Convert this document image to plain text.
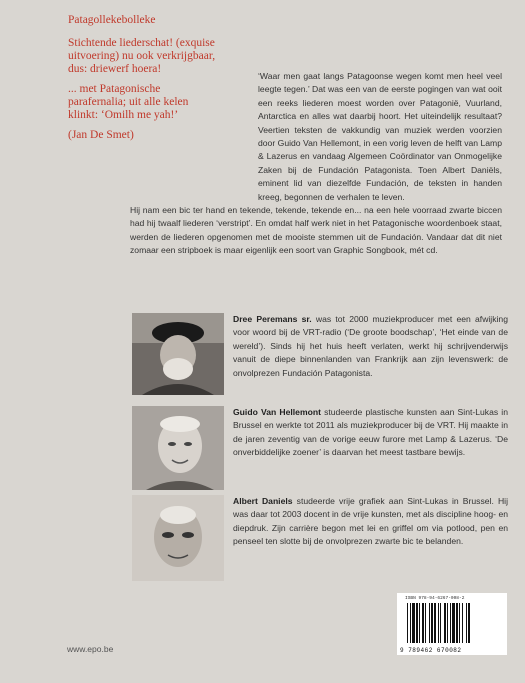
Patagollekebolleke

Stichtende liederschat! (exquise uitvoering) nu ook verkrijgbaar, dus: driewerf hoera!

... met Patagonische parafernalia; uit alle kelen klinkt: ‘Omilh me yah!’

(Jan De Smet)

‘Waar men gaat langs Patagoonse wegen komt men heel veel leegte tegen.’ Dat was een van de eerste pogingen van wat ooit een reeks liederen moest worden over Patagonië, Vuurland, Antarctica en alles wat daarbij hoort. Het uiteindelijk resultaat? Veertien teksten de vakkundig van muziek werden voorzien door Guido Van Hellemont, in een vorig leven de helft van Lamp & Lazerus en vandaag Algemeen Coördinator van Onmogelijke Zaken bij de Fundación Patagonista. Toen Albert Daniëls, eminent lid van diezelfde Fundación, de teksten in handen kreeg, begonnen de verhalen te leven.

Hij nam een bic ter hand en tekende, tekende, tekende en... na een hele voorraad zwarte biccen had hij twaalf liederen ‘verstript’. En omdat half werk niet in het Patagonische woordenboek staat, werden de liederen opgenomen met de mooiste stemmen uit de Fundación. Vandaar dat dit niet zomaar een stripboek is maar eigenlijk een soort van Graphic Songbook, mét cd.

Dree Peremans sr. was tot 2000 muziekproducer met een afwijking voor woord bij de VRT-radio (‘De groote boodschap’, ‘Het einde van de wereld’). Sinds hij het huis heeft verlaten, werkt hij schrijvenderwijs vanuit de diepe binnenlanden van Frankrijk aan zijn levenswerk: de onvolprezen Fundación Patagonista.
Guido Van Hellemont studeerde plastische kunsten aan Sint-Lukas in Brussel en werkte tot 2011 als muziekproducer bij de VRT. Hij maakte in de jaren zeventig van de vorige eeuw furore met Lamp & Lazerus. ‘De onverbiddelijke zoener’ is daarvan het meest tastbare bewijs.
Albert Daniels studeerde vrije grafiek aan Sint-Lukas in Brussel. Hij was daar tot 2003 docent in de vrije kunsten, met als discipline hoog- en diepdruk. Zijn carrière begon met lei en griffel om via potlood, pen en penseel ten slotte bij de onvolprezen zwarte bic te belanden.
ISBN 978-94-6267-008-2
9 789462 670082
www.epo.be
